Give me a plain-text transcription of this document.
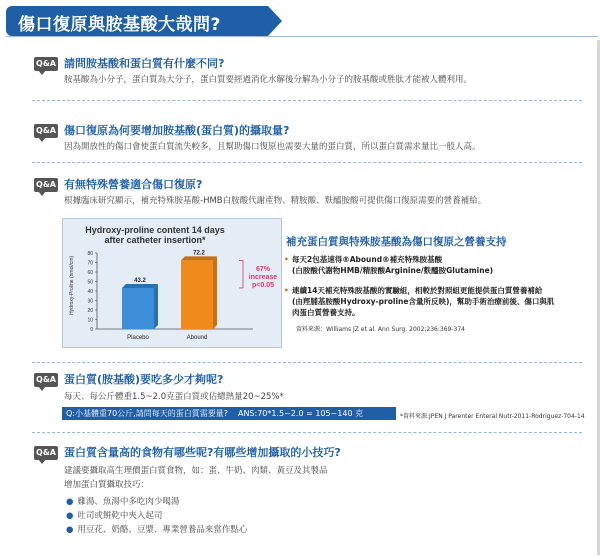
傷口復原與胺基酸大哉問?
Q&A 請問胺基酸和蛋白質有什麼不同?
胺基酸為小分子，蛋白質為大分子，蛋白質要經過消化水解後分解為小分子的胺基酸或胜肽才能被人體利用。
Q&A 傷口復原為何要增加胺基酸(蛋白質)的攝取量?
因為開放性的傷口會使蛋白質流失較多，且幫助傷口復原也需要大量的蛋白質，所以蛋白質需求量比一般人高。
Q&A 有無特殊營養適合傷口復原?
根據臨床研究顯示，補充特殊胺基酸-HMB白胺酸代謝產物、精胺酸、麩醯胺酸可提供傷口復原需要的營養補給。
Hydroxy-proline content 14 days
after catheter insertion*
Hydroxy-Proline (nmol/cm)
0
10
20
30
40
50
60
70
80
43.2
Placebo
72.2
Abound
67%
increase
p<0.05
補充蛋白質與特殊胺基酸為傷口復原之營養支持
• 每天2包基速得®Abound®補充特殊胺基酸
(白胺酸代謝物HMB/精胺酸Arginine/麩醯胺Glutamine)
• 連續14天補充特殊胺基酸的實驗組，相較於對照組更能提供蛋白質營養補給
(由羥脯基胺酸Hydroxy-proline含量所反映)，幫助手術治療前後、傷口與肌
肉蛋白質營養支持。
資料來源：Williams JZ et al. Ann Surg. 2002;236:369-374
Q&A 蛋白質(胺基酸)要吃多少才夠呢?
每天、每公斤體重1.5~2.0克蛋白質或佔總熱量20~25%*
Q:小基體重70公斤,請問每天的蛋白質需要量? ANS:70*1.5~2.0 = 105~140 克	*資料來源:JPEN J Parenter Enteral Nutr-2011-Rodriguez-704-14
Q&A 蛋白質含量高的食物有哪些呢?有哪些增加攝取的小技巧?
建議要攝取高生理價蛋白質食物，如：蛋、牛奶、肉類、黃豆及其製品
增加蛋白質攝取技巧：
● 雞湯、魚湯中多吃肉少喝湯
● 吐司或餅乾中夾入起司
● 用豆花、奶酪、豆漿、專業營養品來當作點心
